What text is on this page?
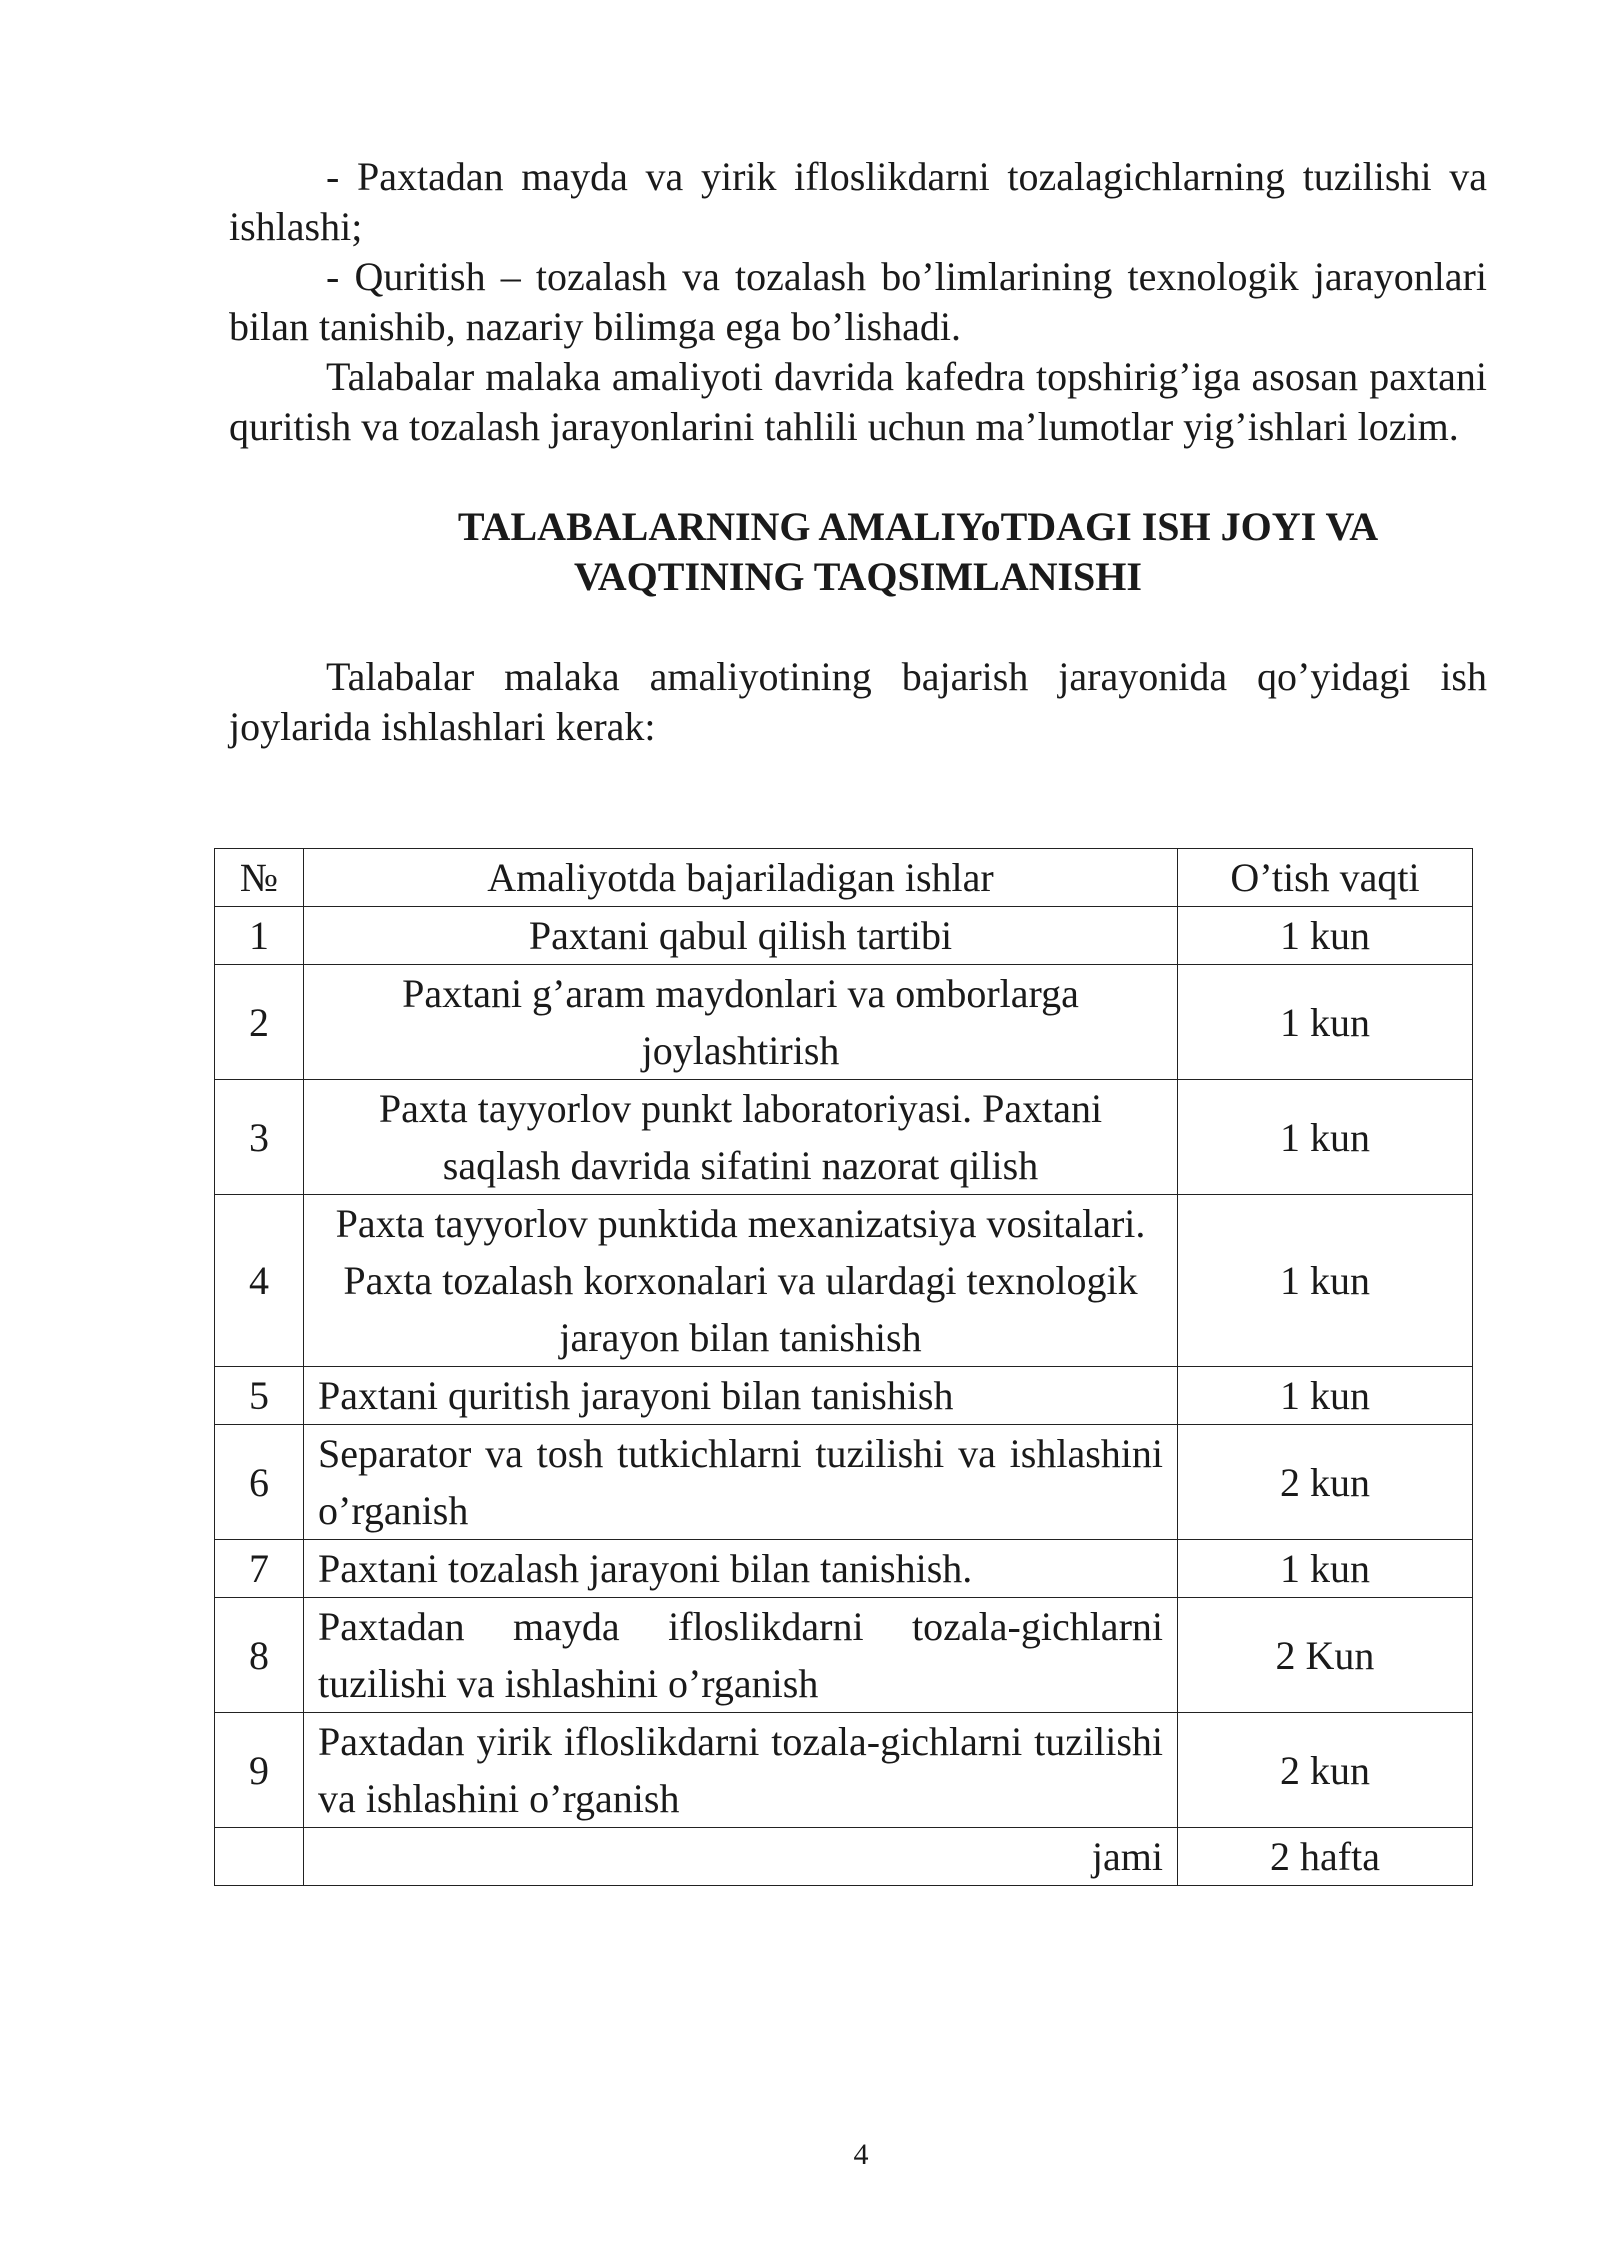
- Paxtadan mayda va yirik ifloslikdarni tozalagichlarning tuzilishi va ishlashi;

- Quritish – tozalash va tozalash bo’limlarining texnologik jarayonlari bilan tanishib, nazariy bilimga ega bo’lishadi.

Talabalar malaka amaliyoti davrida kafedra topshirig’iga asosan paxtani quritish va tozalash jarayonlarini tahlili uchun ma’lumotlar yig’ishlari lozim.

TALABALARNING AMALIYoTDAGI ISH JOYI VA
VAQTINING TAQSIMLANISHI

Talabalar malaka amaliyotining bajarish jarayonida qo’yidagi ish joylarida ishlashlari kerak:

№	Amaliyotda bajariladigan ishlar	O’tish vaqti
1	Paxtani qabul qilish tartibi	1 kun
2	Paxtani g’aram maydonlari va omborlarga joylashtirish	1 kun
3	Paxta tayyorlov punkt laboratoriyasi. Paxtani saqlash davrida sifatini nazorat qilish	1 kun
4	Paxta tayyorlov punktida mexanizatsiya vositalari. Paxta tozalash korxonalari va ulardagi texnologik jarayon bilan tanishish	1 kun
5	Paxtani quritish jarayoni bilan tanishish	1 kun
6	Separator va tosh tutkichlarni tuzilishi va ishlashini o’rganish	2 kun
7	Paxtani tozalash jarayoni bilan tanishish.	1 kun
8	Paxtadan mayda ifloslikdarni tozala-gichlarni tuzilishi va ishlashini o’rganish	2 Kun
9	Paxtadan yirik ifloslikdarni tozala-gichlarni tuzilishi va ishlashini o’rganish	2 kun
	jami	2 hafta
4
